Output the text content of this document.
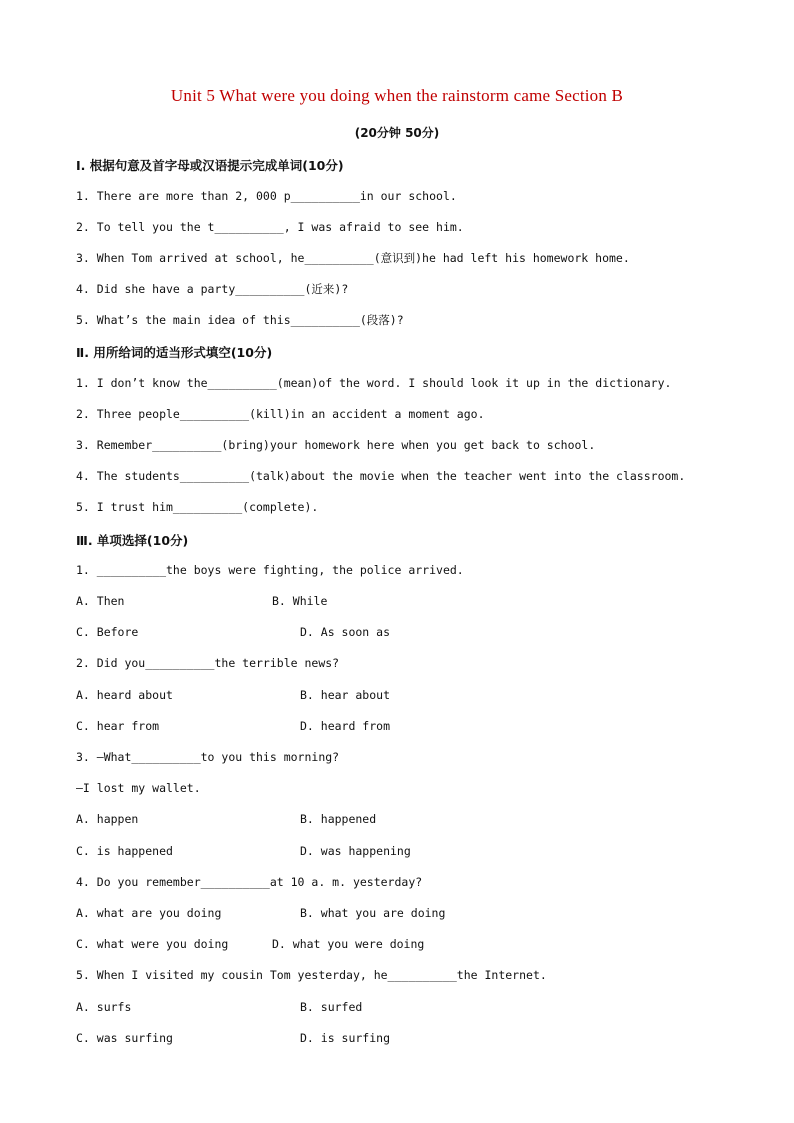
Unit 5 What were you doing when the rainstorm came Section B
(20分钟 50分)
Ⅰ. 根据句意及首字母或汉语提示完成单词(10分)
1. There are more than 2, 000 p__________in our school.
2. To tell you the t__________, I was afraid to see him.
3. When Tom arrived at school, he__________(意识到)he had left his homework home.
4. Did she have a party__________(近来)?
5. What’s the main idea of this__________(段落)?
Ⅱ. 用所给词的适当形式填空(10分)
1. I don’t know the__________(mean)of the word. I should look it up in the dictionary.
2. Three people__________(kill)in an accident a moment ago.
3. Remember__________(bring)your homework here when you get back to school.
4. The students__________(talk)about the movie when the teacher went into the classroom.
5. I trust him__________(complete).
Ⅲ. 单项选择(10分)
1. __________the boys were fighting, the police arrived.
A. Then	B. While
C. Before	D. As soon as
2. Did you__________the terrible news?
A. heard about	B. hear about
C. hear from	D. heard from
3. —What__________to you this morning?
—I lost my wallet.
A. happen	B. happened
C. is happened	D. was happening
4. Do you remember__________at 10 a. m. yesterday?
A. what are you doing	B. what you are doing
C. what were you doing	D. what you were doing
5. When I visited my cousin Tom yesterday, he__________the Internet.
A. surfs	B. surfed
C. was surfing	D. is surfing
